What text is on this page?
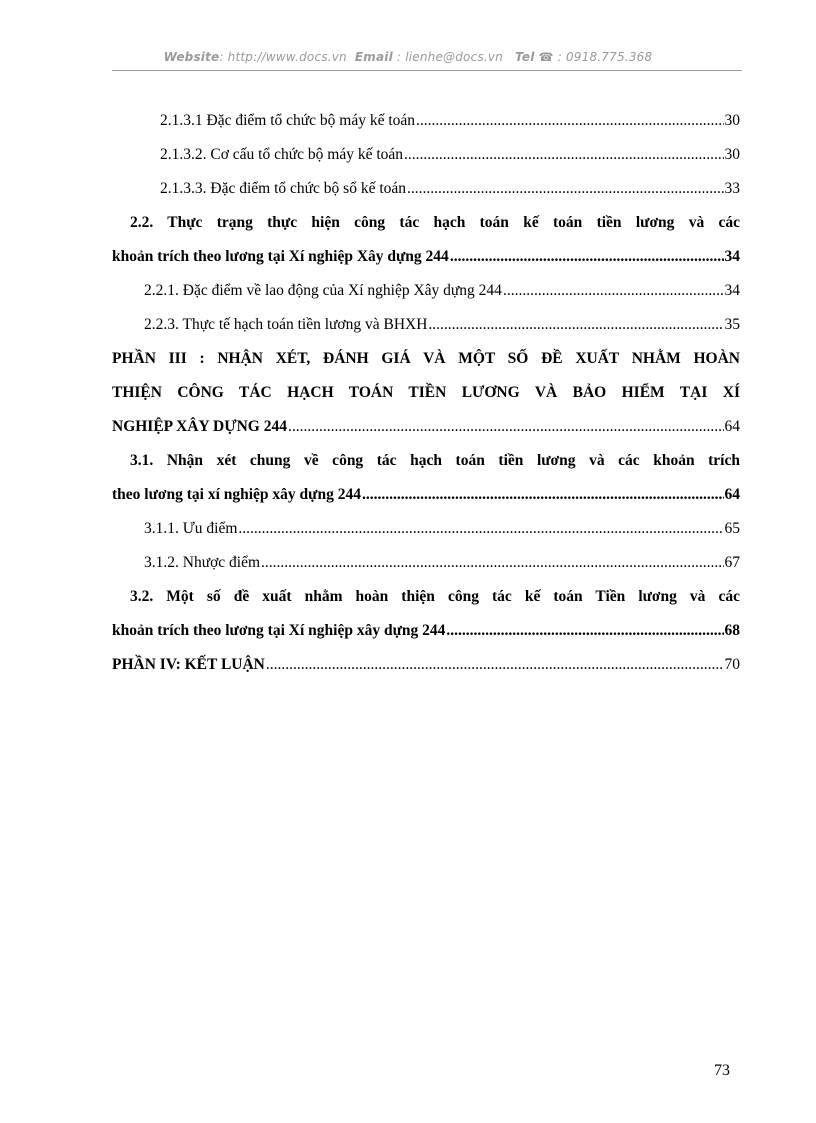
Website: http://www.docs.vn Email : lienhe@docs.vn Tel ☎ : 0918.775.368
2.1.3.1 Đặc điểm tổ chức bộ máy kế toán .....	30
2.1.3.2. Cơ cấu tổ chức bộ máy kế toán .....	30
2.1.3.3. Đặc điểm tổ chức bộ sổ kế toán .....	33
2.2. Thực trạng thực hiện công tác hạch toán kế toán tiền lương và các
khoản trích theo lương tại Xí nghiệp Xây dựng 244 .....	34
2.2.1. Đặc điểm về lao động của Xí nghiệp Xây dựng 244 .....	34
2.2.3. Thực tế hạch toán tiền lương và BHXH .....	35
PHẦN III : NHẬN XÉT, ĐÁNH GIÁ VÀ MỘT SỐ ĐỀ XUẤT NHẰM HOÀN
THIỆN CÔNG TÁC HẠCH TOÁN TIỀN LƯƠNG VÀ BẢO HIỂM TẠI XÍ
NGHIỆP XÂY DỰNG 244 .....	64
3.1. Nhận xét chung về công tác hạch toán tiền lương và các khoản trích
theo lương tại xí nghiệp xây dựng 244 .....	64
3.1.1. Ưu điểm .....	65
3.1.2. Nhược điểm .....	67
3.2. Một số đề xuất nhằm hoàn thiện công tác kế toán Tiền lương và các
khoản trích theo lương tại Xí nghiệp xây dựng 244 .....	68
PHẦN IV: KẾT LUẬN .....	70
73
